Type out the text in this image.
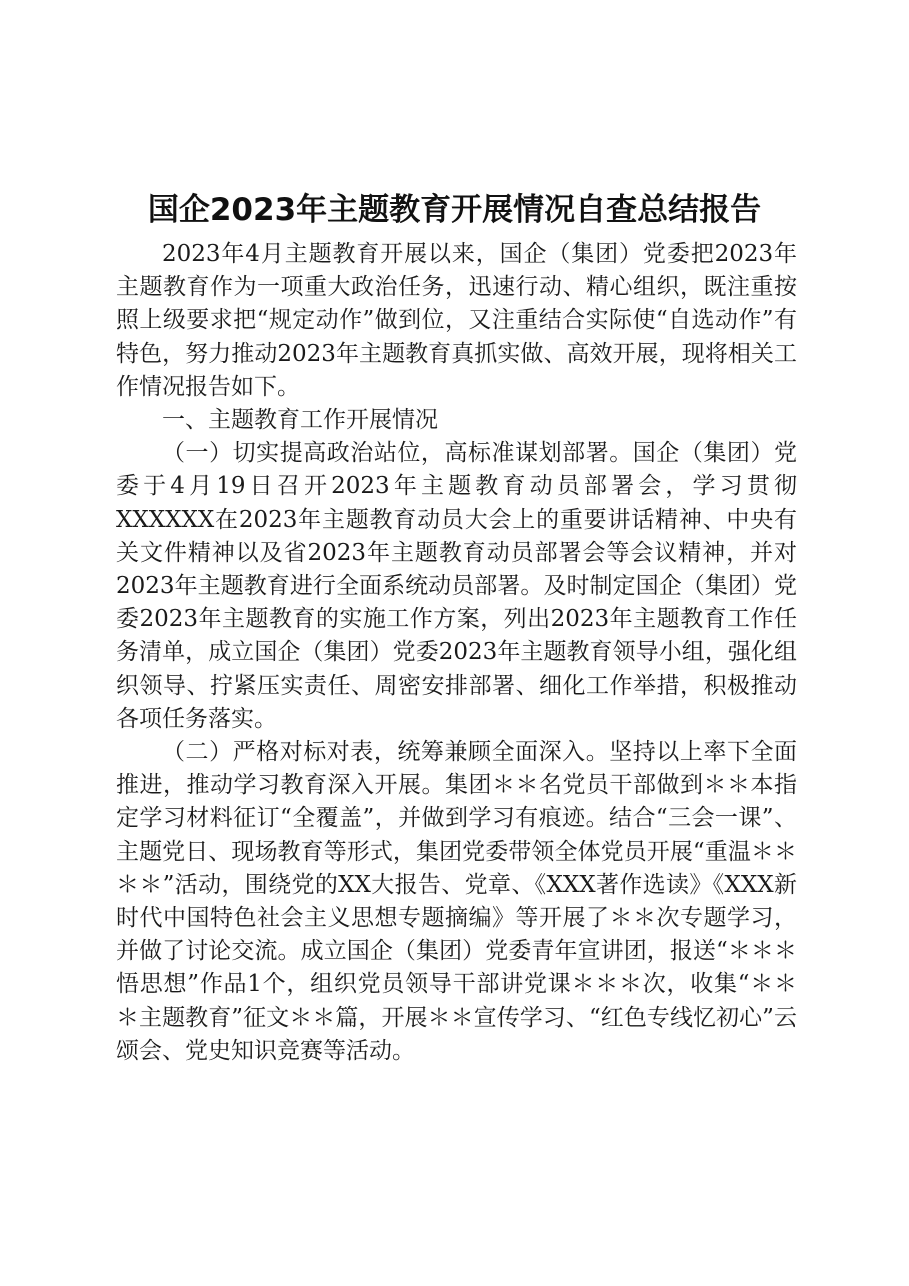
国企2023年主题教育开展情况自查总结报告

2023年4月主题教育开展以来，国企（集团）党委把2023年主题教育作为一项重大政治任务，迅速行动、精心组织，既注重按照上级要求把“规定动作”做到位，又注重结合实际使“自选动作”有特色，努力推动2023年主题教育真抓实做、高效开展，现将相关工作情况报告如下。

一、主题教育工作开展情况

（一）切实提高政治站位，高标准谋划部署。国企（集团）党委于4月19日召开2023年主题教育动员部署会，学习贯彻XXXXXX在2023年主题教育动员大会上的重要讲话精神、中央有关文件精神以及省2023年主题教育动员部署会等会议精神，并对2023年主题教育进行全面系统动员部署。及时制定国企（集团）党委2023年主题教育的实施工作方案，列出2023年主题教育工作任务清单，成立国企（集团）党委2023年主题教育领导小组，强化组织领导、拧紧压实责任、周密安排部署、细化工作举措，积极推动各项任务落实。

（二）严格对标对表，统筹兼顾全面深入。坚持以上率下全面推进，推动学习教育深入开展。集团＊＊名党员干部做到＊＊本指定学习材料征订“全覆盖”，并做到学习有痕迹。结合“三会一课”、主题党日、现场教育等形式，集团党委带领全体党员开展“重温＊＊＊＊”活动，围绕党的XX大报告、党章、《XXX著作选读》《XXX新时代中国特色社会主义思想专题摘编》等开展了＊＊次专题学习，并做了讨论交流。成立国企（集团）党委青年宣讲团，报送“＊＊＊悟思想”作品1个，组织党员领导干部讲党课＊＊＊次，收集“＊＊＊主题教育”征文＊＊篇，开展＊＊宣传学习、“红色专线忆初心”云颂会、党史知识竞赛等活动。
